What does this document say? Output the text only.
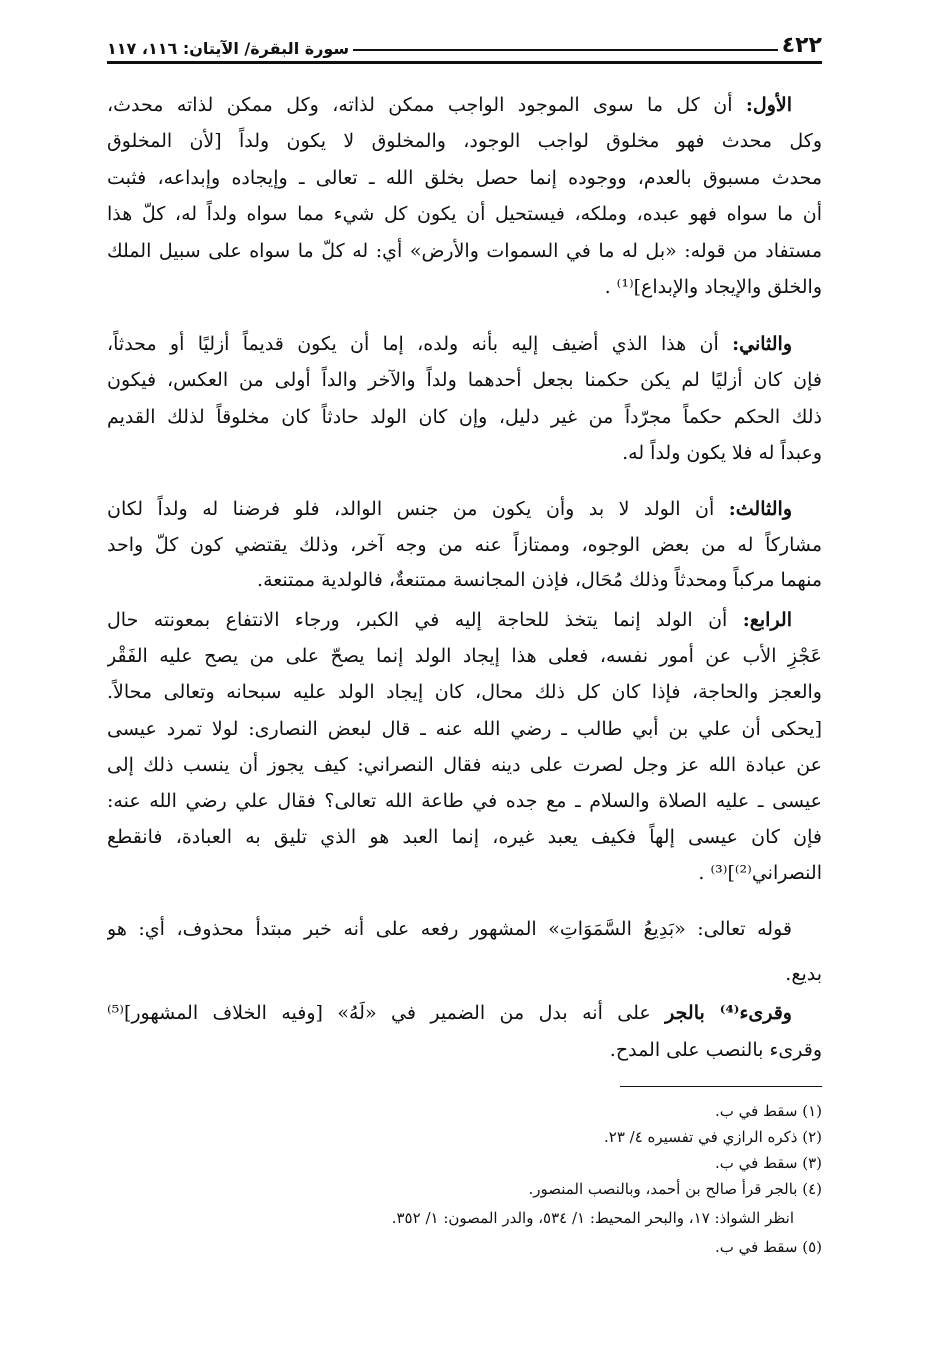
٤٢٢
سورة البقرة/ الآيتان: ١١٦، ١١٧
الأول: أن كل ما سوى الموجود الواجب ممكن لذاته، وكل ممكن لذاته محدث،
وكل محدث فهو مخلوق لواجب الوجود، والمخلوق لا يكون ولداً [لأن المخلوق
محدث مسبوق بالعدم، ووجوده إنما حصل بخلق الله ـ تعالى ـ وإيجاده وإبداعه، فثبت
أن ما سواه فهو عبده، وملكه، فيستحيل أن يكون كل شيء مما سواه ولداً له، كلّ هذا
مستفاد من قوله: «بل له ما في السموات والأرض» أي: له كلّ ما سواه على سبيل الملك
والخلق والإيجاد والإبداع]⁽¹⁾ .
والثاني: أن هذا الذي أضيف إليه بأنه ولده، إما أن يكون قديماً أزليًا أو محدثاً،
فإن كان أزليًا لم يكن حكمنا بجعل أحدهما ولداً والآخر والداً أولى من العكس، فيكون
ذلك الحكم حكماً مجرّداً من غير دليل، وإن كان الولد حادثاً كان مخلوقاً لذلك القديم
وعبداً له فلا يكون ولداً له.
والثالث: أن الولد لا بد وأن يكون من جنس الوالد، فلو فرضنا له ولداً لكان
مشاركاً له من بعض الوجوه، وممتازاً عنه من وجه آخر، وذلك يقتضي كون كلّ واحد
منهما مركباً ومحدثاً وذلك مُحَال، فإذن المجانسة ممتنعةٌ، فالولدية ممتنعة.
الرابع: أن الولد إنما يتخذ للحاجة إليه في الكبر، ورجاء الانتفاع بمعونته حال
عَجْزِ الأب عن أمور نفسه، فعلى هذا إيجاد الولد إنما يصحّ على من يصح عليه الفَقْر
والعجز والحاجة، فإذا كان كل ذلك محال، كان إيجاد الولد عليه سبحانه وتعالى محالاً.
[يحكى أن علي بن أبي طالب ـ رضي الله عنه ـ قال لبعض النصارى: لولا تمرد عيسى
عن عبادة الله عز وجل لصرت على دينه فقال النصراني: كيف يجوز أن ينسب ذلك إلى
عيسى ـ عليه الصلاة والسلام ـ مع جده في طاعة الله تعالى؟ فقال علي رضي الله عنه:
فإن كان عيسى إلهاً فكيف يعبد غيره، إنما العبد هو الذي تليق به العبادة، فانقطع
النصراني⁽²⁾]⁽³⁾ .
قوله تعالى: «بَدِيعُ السَّمَوَاتِ» المشهور رفعه على أنه خبر مبتدأ محذوف، أي: هو
بديع.
وقرىء⁽⁴⁾ بالجر على أنه بدل من الضمير في «لَهُ» [وفيه الخلاف المشهور]⁽⁵⁾
وقرىء بالنصب على المدح.
(١) سقط في ب.
(٢) ذكره الرازي في تفسيره ٤/ ٢٣.
(٣) سقط في ب.
(٤) بالجر قرأ صالح بن أحمد، وبالنصب المنصور.
انظر الشواذ: ١٧، والبحر المحيط: ١/ ٥٣٤، والدر المصون: ١/ ٣٥٢.
(٥) سقط في ب.
